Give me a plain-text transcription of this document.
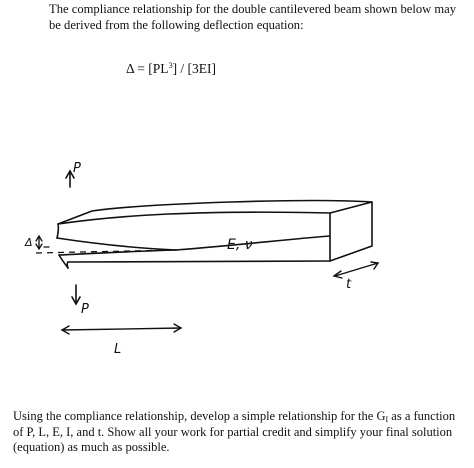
The compliance relationship for the double cantilevered beam shown below may
be derived from the following deflection equation:
$\Delta = [PL^3] / [3EI]$
P
P
Δ	E, ν
t
L
Using the compliance relationship, develop a simple relationship for the $G_I$ as a function
of P, L, E, I, and t. Show all your work for partial credit and simplify your final solution
(equation) as much as possible.
